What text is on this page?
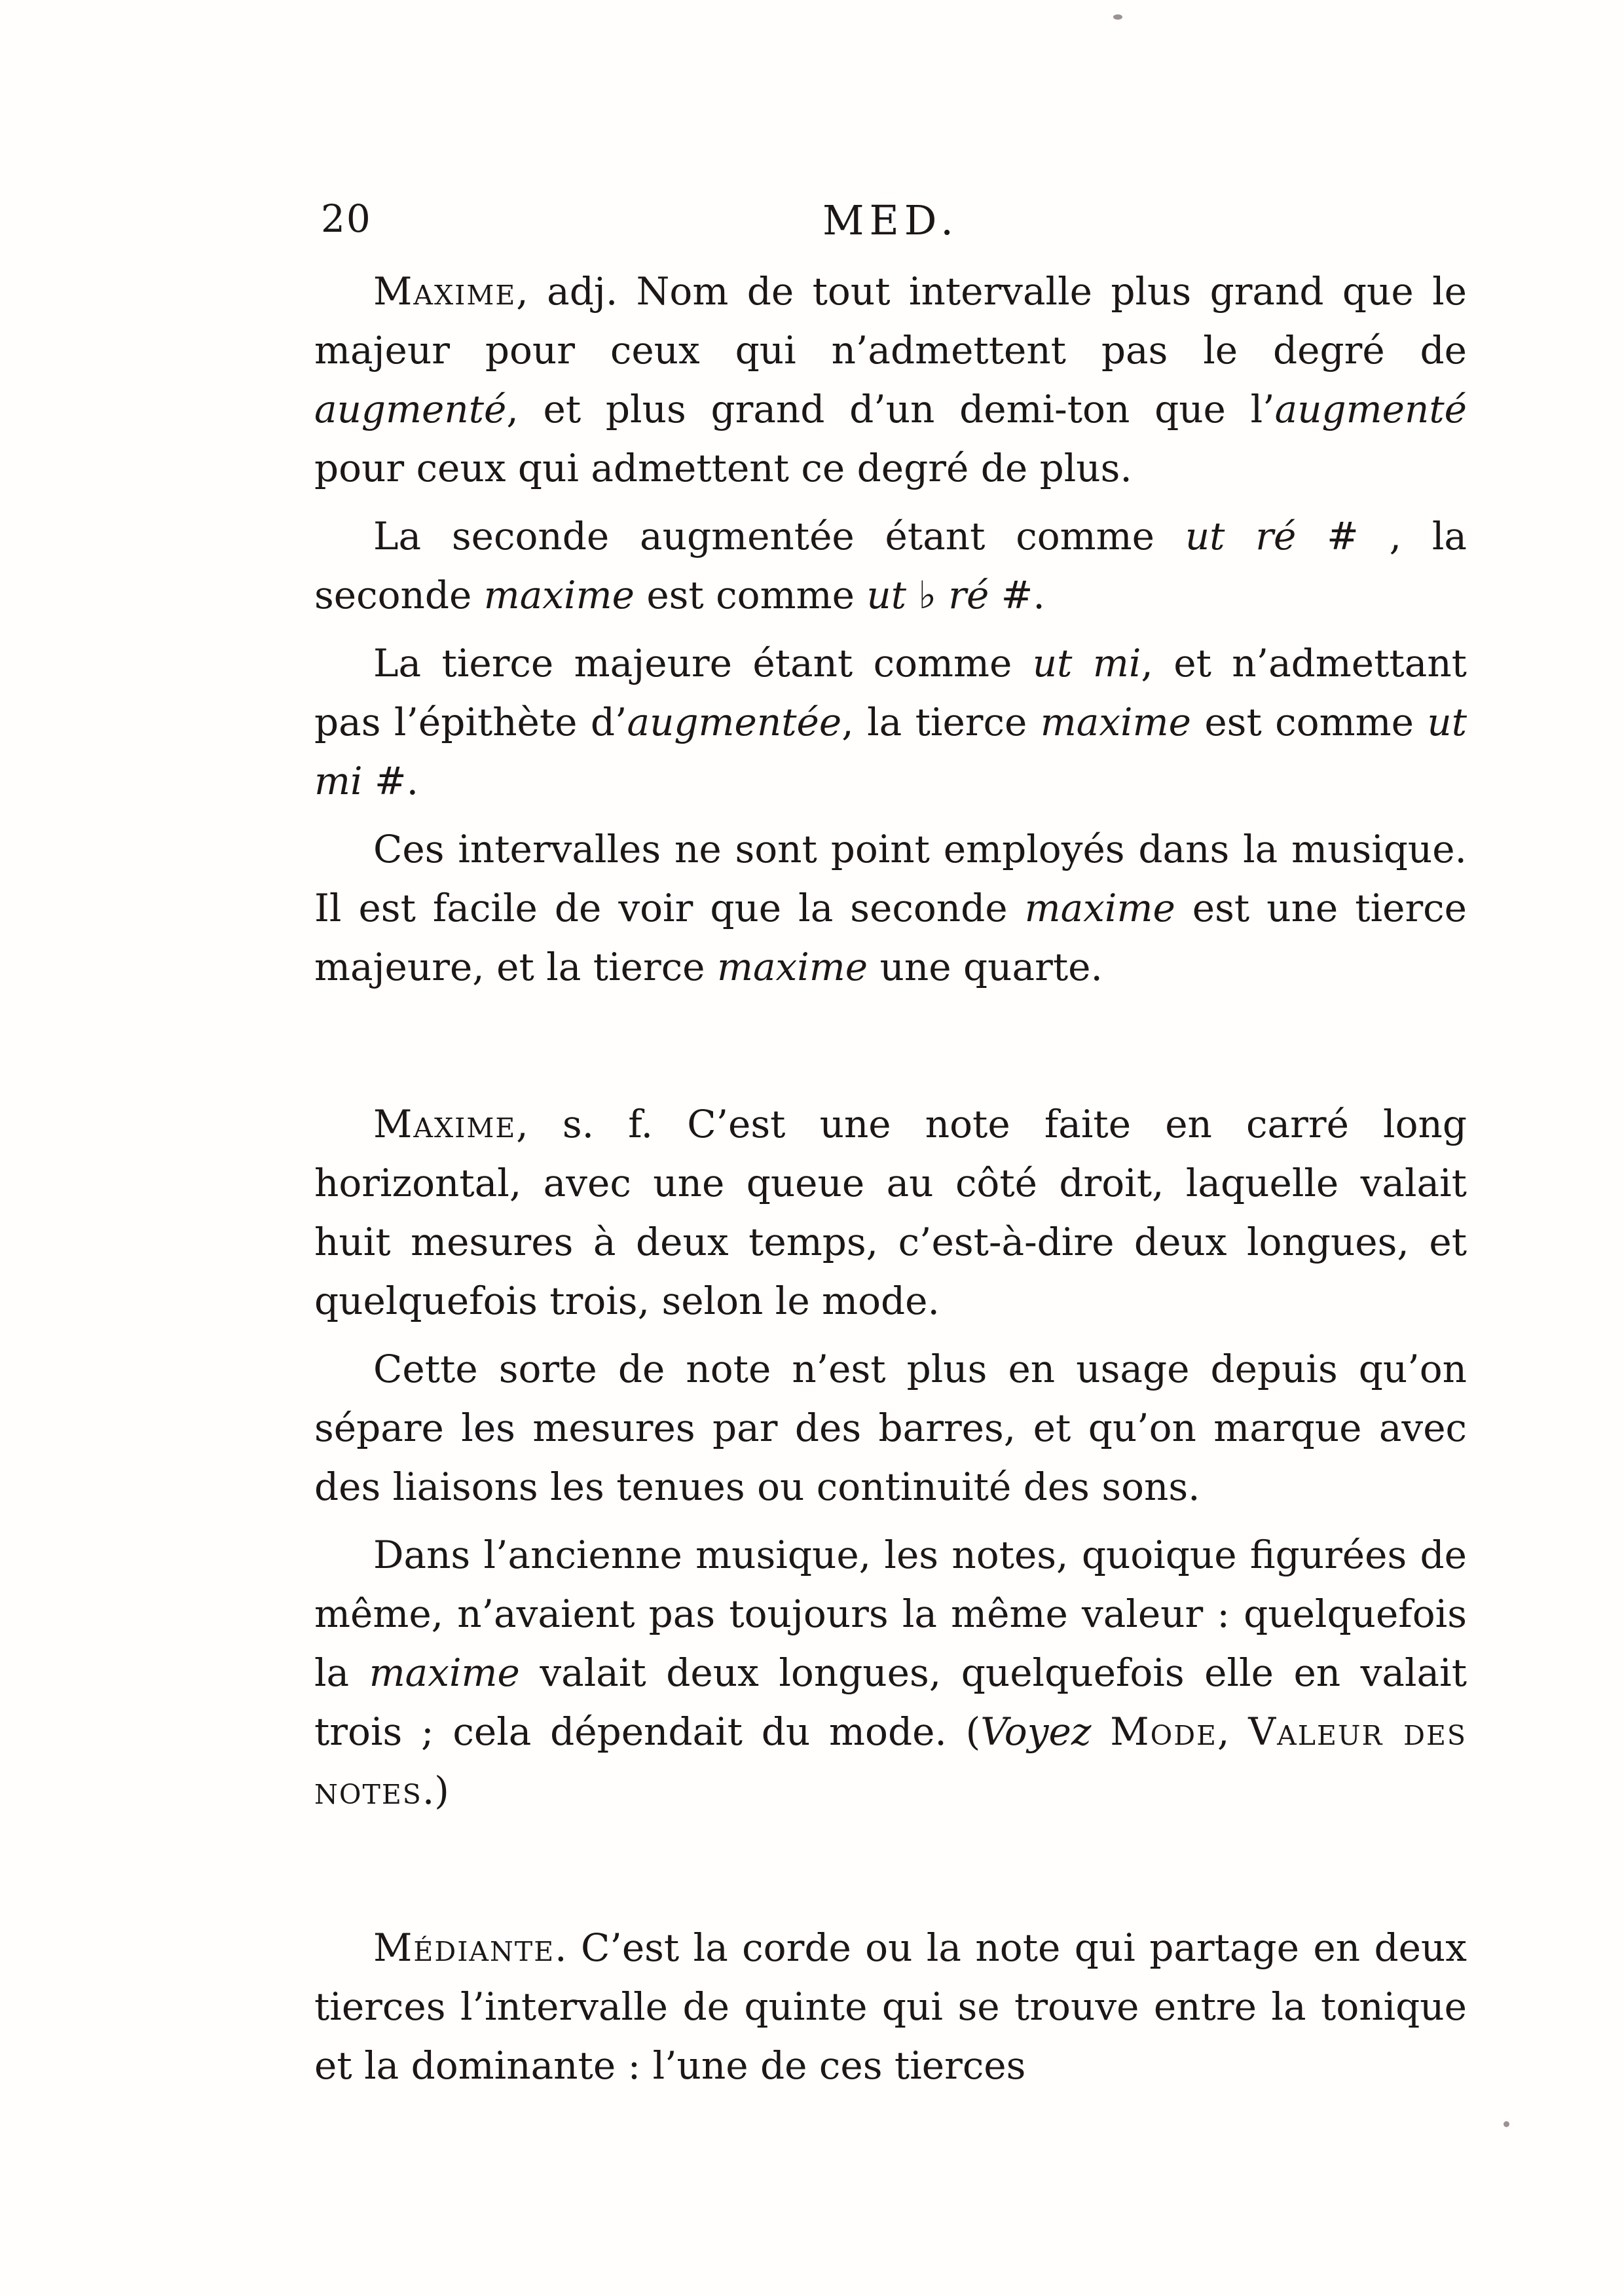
20	MED.

Maxime, adj. Nom de tout intervalle plus grand que le majeur pour ceux qui n’admettent pas le degré de augmenté, et plus grand d’un demi-ton que l’augmenté pour ceux qui admettent ce degré de plus.

La seconde augmentée étant comme ut ré # , la seconde maxime est comme ut ♭ ré #.

La tierce majeure étant comme ut mi, et n’admettant pas l’épithète d’augmentée, la tierce maxime est comme ut mi #.

Ces intervalles ne sont point employés dans la musique. Il est facile de voir que la seconde maxime est une tierce majeure, et la tierce maxime une quarte.

Maxime, s. f. C’est une note faite en carré long horizontal, avec une queue au côté droit, laquelle valait huit mesures à deux temps, c’est-à-dire deux longues, et quelquefois trois, selon le mode.

Cette sorte de note n’est plus en usage depuis qu’on sépare les mesures par des barres, et qu’on marque avec des liaisons les tenues ou continuité des sons.

Dans l’ancienne musique, les notes, quoique figurées de même, n’avaient pas toujours la même valeur : quelquefois la maxime valait deux longues, quelquefois elle en valait trois ; cela dépendait du mode. (Voyez Mode, Valeur des notes.)

Médiante. C’est la corde ou la note qui partage en deux tierces l’intervalle de quinte qui se trouve entre la tonique et la dominante : l’une de ces tierces
